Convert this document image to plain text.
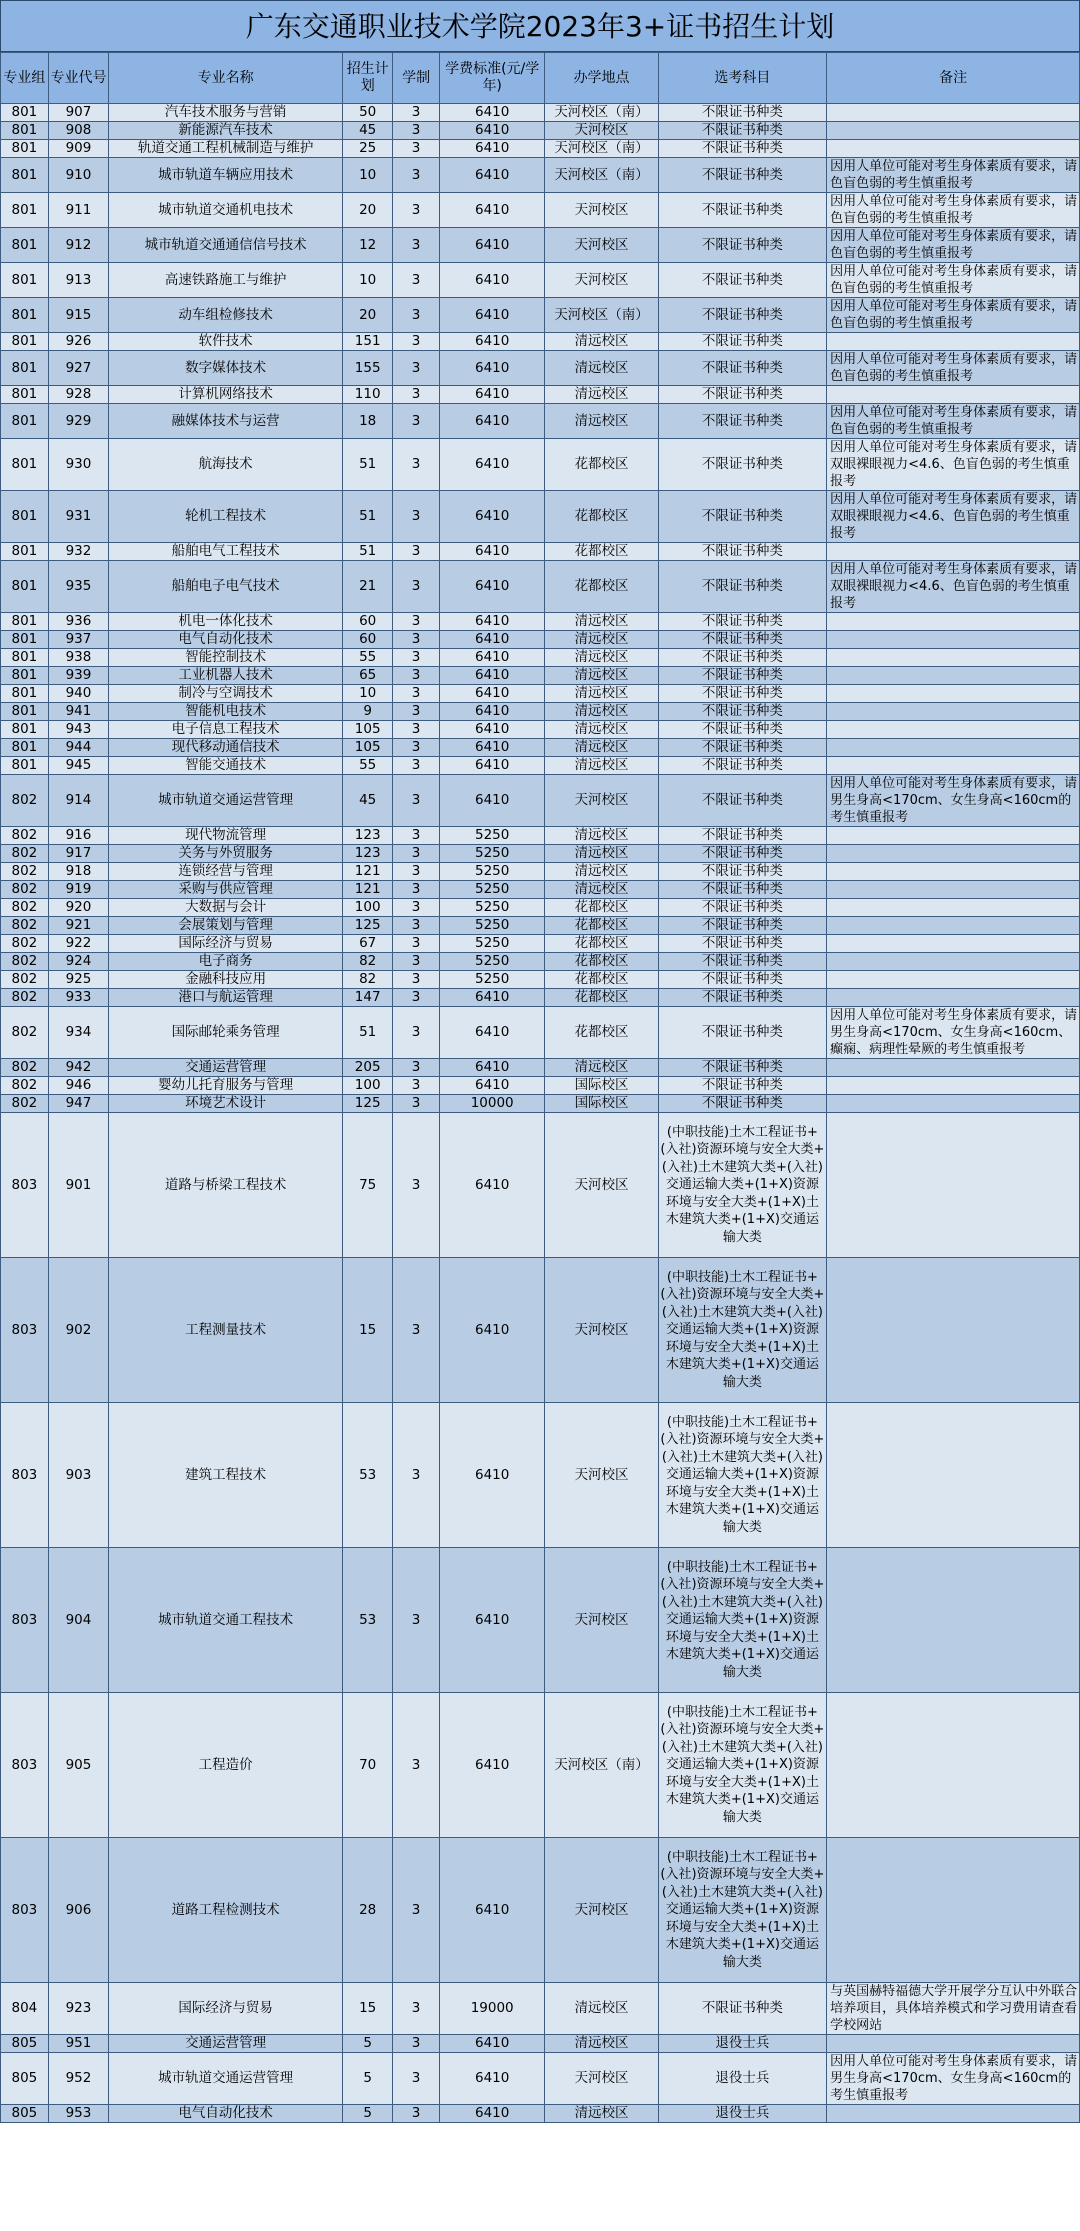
广东交通职业技术学院2023年3+证书招生计划
专业组	专业代号	专业名称	招生计划	学制	学费标准(元/学年)	办学地点	选考科目	备注
801	907	汽车技术服务与营销	50	3	6410	天河校区（南）	不限证书种类	
801	908	新能源汽车技术	45	3	6410	天河校区	不限证书种类	
801	909	轨道交通工程机械制造与维护	25	3	6410	天河校区（南）	不限证书种类	
801	910	城市轨道车辆应用技术	10	3	6410	天河校区（南）	不限证书种类	因用人单位可能对考生身体素质有要求，请色盲色弱的考生慎重报考
801	911	城市轨道交通机电技术	20	3	6410	天河校区	不限证书种类	因用人单位可能对考生身体素质有要求，请色盲色弱的考生慎重报考
801	912	城市轨道交通通信信号技术	12	3	6410	天河校区	不限证书种类	因用人单位可能对考生身体素质有要求，请色盲色弱的考生慎重报考
801	913	高速铁路施工与维护	10	3	6410	天河校区	不限证书种类	因用人单位可能对考生身体素质有要求，请色盲色弱的考生慎重报考
801	915	动车组检修技术	20	3	6410	天河校区（南）	不限证书种类	因用人单位可能对考生身体素质有要求，请色盲色弱的考生慎重报考
801	926	软件技术	151	3	6410	清远校区	不限证书种类	
801	927	数字媒体技术	155	3	6410	清远校区	不限证书种类	因用人单位可能对考生身体素质有要求，请色盲色弱的考生慎重报考
801	928	计算机网络技术	110	3	6410	清远校区	不限证书种类	
801	929	融媒体技术与运营	18	3	6410	清远校区	不限证书种类	因用人单位可能对考生身体素质有要求，请色盲色弱的考生慎重报考
801	930	航海技术	51	3	6410	花都校区	不限证书种类	因用人单位可能对考生身体素质有要求，请双眼裸眼视力<4.6、色盲色弱的考生慎重报考
801	931	轮机工程技术	51	3	6410	花都校区	不限证书种类	因用人单位可能对考生身体素质有要求，请双眼裸眼视力<4.6、色盲色弱的考生慎重报考
801	932	船舶电气工程技术	51	3	6410	花都校区	不限证书种类	
801	935	船舶电子电气技术	21	3	6410	花都校区	不限证书种类	因用人单位可能对考生身体素质有要求，请双眼裸眼视力<4.6、色盲色弱的考生慎重报考
801	936	机电一体化技术	60	3	6410	清远校区	不限证书种类	
801	937	电气自动化技术	60	3	6410	清远校区	不限证书种类	
801	938	智能控制技术	55	3	6410	清远校区	不限证书种类	
801	939	工业机器人技术	65	3	6410	清远校区	不限证书种类	
801	940	制冷与空调技术	10	3	6410	清远校区	不限证书种类	
801	941	智能机电技术	9	3	6410	清远校区	不限证书种类	
801	943	电子信息工程技术	105	3	6410	清远校区	不限证书种类	
801	944	现代移动通信技术	105	3	6410	清远校区	不限证书种类	
801	945	智能交通技术	55	3	6410	清远校区	不限证书种类	
802	914	城市轨道交通运营管理	45	3	6410	天河校区	不限证书种类	因用人单位可能对考生身体素质有要求，请男生身高<170cm、女生身高<160cm的考生慎重报考
802	916	现代物流管理	123	3	5250	清远校区	不限证书种类	
802	917	关务与外贸服务	123	3	5250	清远校区	不限证书种类	
802	918	连锁经营与管理	121	3	5250	清远校区	不限证书种类	
802	919	采购与供应管理	121	3	5250	清远校区	不限证书种类	
802	920	大数据与会计	100	3	5250	花都校区	不限证书种类	
802	921	会展策划与管理	125	3	5250	花都校区	不限证书种类	
802	922	国际经济与贸易	67	3	5250	花都校区	不限证书种类	
802	924	电子商务	82	3	5250	花都校区	不限证书种类	
802	925	金融科技应用	82	3	5250	花都校区	不限证书种类	
802	933	港口与航运管理	147	3	6410	花都校区	不限证书种类	
802	934	国际邮轮乘务管理	51	3	6410	花都校区	不限证书种类	因用人单位可能对考生身体素质有要求，请男生身高<170cm、女生身高<160cm、癫痫、病理性晕厥的考生慎重报考
802	942	交通运营管理	205	3	6410	清远校区	不限证书种类	
802	946	婴幼儿托育服务与管理	100	3	6410	国际校区	不限证书种类	
802	947	环境艺术设计	125	3	10000	国际校区	不限证书种类	
803	901	道路与桥梁工程技术	75	3	6410	天河校区	(中职技能)土木工程证书+(入社)资源环境与安全大类+(入社)土木建筑大类+(入社)交通运输大类+(1+X)资源环境与安全大类+(1+X)土木建筑大类+(1+X)交通运输大类	
803	902	工程测量技术	15	3	6410	天河校区	(中职技能)土木工程证书+(入社)资源环境与安全大类+(入社)土木建筑大类+(入社)交通运输大类+(1+X)资源环境与安全大类+(1+X)土木建筑大类+(1+X)交通运输大类	
803	903	建筑工程技术	53	3	6410	天河校区	(中职技能)土木工程证书+(入社)资源环境与安全大类+(入社)土木建筑大类+(入社)交通运输大类+(1+X)资源环境与安全大类+(1+X)土木建筑大类+(1+X)交通运输大类	
803	904	城市轨道交通工程技术	53	3	6410	天河校区	(中职技能)土木工程证书+(入社)资源环境与安全大类+(入社)土木建筑大类+(入社)交通运输大类+(1+X)资源环境与安全大类+(1+X)土木建筑大类+(1+X)交通运输大类	
803	905	工程造价	70	3	6410	天河校区（南）	(中职技能)土木工程证书+(入社)资源环境与安全大类+(入社)土木建筑大类+(入社)交通运输大类+(1+X)资源环境与安全大类+(1+X)土木建筑大类+(1+X)交通运输大类	
803	906	道路工程检测技术	28	3	6410	天河校区	(中职技能)土木工程证书+(入社)资源环境与安全大类+(入社)土木建筑大类+(入社)交通运输大类+(1+X)资源环境与安全大类+(1+X)土木建筑大类+(1+X)交通运输大类	
804	923	国际经济与贸易	15	3	19000	清远校区	不限证书种类	与英国赫特福德大学开展学分互认中外联合培养项目，具体培养模式和学习费用请查看学校网站
805	951	交通运营管理	5	3	6410	清远校区	退役士兵	
805	952	城市轨道交通运营管理	5	3	6410	天河校区	退役士兵	因用人单位可能对考生身体素质有要求，请男生身高<170cm、女生身高<160cm的考生慎重报考
805	953	电气自动化技术	5	3	6410	清远校区	退役士兵	
